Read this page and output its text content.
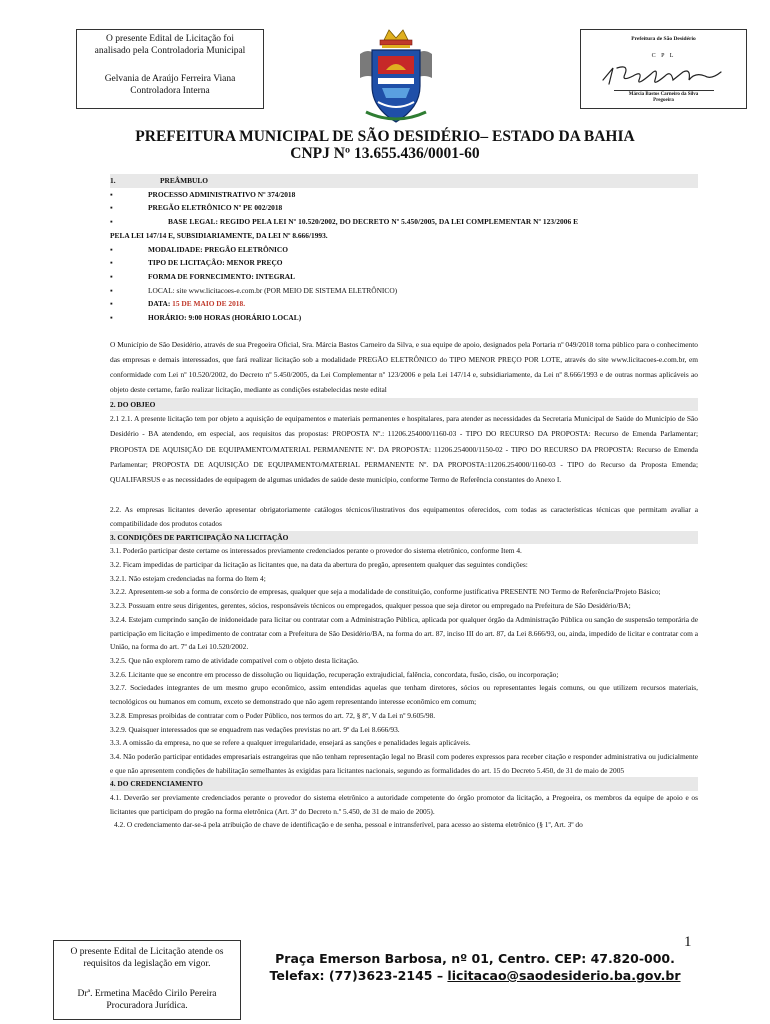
O presente Edital de Licitação foi
analisado pela Controladoria Municipal
Gelvania de Araújo Ferreira Viana
Controladora Interna
Prefeitura de São Desidério
C P L
Márcia Bastos Carneiro da Silva
Pregoeira
PREFEITURA MUNICIPAL DE SÃO DESIDÉRIO– ESTADO DA BAHIA
CNPJ Nº 13.655.436/0001-60
1.	PREÂMBULO
▪	PROCESSO ADMINISTRATIVO Nº 374/2018
▪	PREGÃO ELETRÔNICO Nº PE 002/2018
▪	BASE LEGAL: REGIDO PELA LEI Nº 10.520/2002, DO DECRETO Nº 5.450/2005, DA LEI COMPLEMENTAR Nº 123/2006 E
PELA LEI 147/14 E, SUBSIDIARIAMENTE, DA LEI Nº 8.666/1993.
▪	MODALIDADE: PREGÃO ELETRÔNICO
▪	TIPO DE LICITAÇÃO: MENOR PREÇO
▪	FORMA DE FORNECIMENTO: INTEGRAL
▪	LOCAL: site www.licitacoes-e.com.br (POR MEIO DE SISTEMA ELETRÔNICO)
▪	DATA: 15 DE MAIO DE 2018.
▪	HORÁRIO: 9:00 HORAS (HORÁRIO LOCAL)
O Município de São Desidério, através de sua Pregoeira Oficial, Sra. Márcia Bastos Carneiro da Silva, e sua equipe de apoio, designados pela Portaria nº 049/2018 torna público para o conhecimento das empresas e demais interessados, que fará realizar licitação sob a modalidade PREGÃO ELETRÔNICO do TIPO MENOR PREÇO POR LOTE, através do site www.licitacoes-e.com.br, em conformidade com Lei nº 10.520/2002, do Decreto nº 5.450/2005, da Lei Complementar nº 123/2006 e pela Lei 147/14 e, subsidiariamente, da Lei nº 8.666/1993 e de outras normas aplicáveis ao objeto deste certame, farão realizar licitação, mediante as condições estabelecidas neste edital
2. DO OBJEO
2.1 2.1. A presente licitação tem por objeto a aquisição de equipamentos e materiais permanentes e hospitalares, para atender as necessidades da Secretaria Municipal de Saúde do Município de São Desidério - BA atendendo, em especial, aos requisitos das propostas: PROPOSTA Nº.: 11206.254000/1160-03 - TIPO DO RECURSO DA PROPOSTA: Recurso de Emenda Parlamentar; PROPOSTA DE AQUISIÇÃO DE EQUIPAMENTO/MATERIAL PERMANENTE Nº. DA PROPOSTA: 11206.254000/1150-02 - TIPO DO RECURSO DA PROPOSTA: Recurso de Emenda Parlamentar; PROPOSTA DE AQUISIÇÃO DE EQUIPAMENTO/MATERIAL PERMANENTE Nº. DA PROPOSTA:11206.254000/1160-03 - TIPO do Recurso da Proposta Emenda; QUALIFARSUS e as necessidades de equipagem de algumas unidades de saúde deste município, conforme Termo de Referência constantes do Anexo I.
2.2. As empresas licitantes deverão apresentar obrigatoriamente catálogos técnicos/ilustrativos dos equipamentos oferecidos, com todas as características técnicas que permitam avaliar a compatibilidade dos produtos cotados
3. CONDIÇÕES DE PARTICIPAÇÃO NA LICITAÇÃO
3.1. Poderão participar deste certame os interessados previamente credenciados perante o provedor do sistema eletrônico, conforme Item 4.
3.2. Ficam impedidas de participar da licitação as licitantes que, na data da abertura do pregão, apresentem qualquer das seguintes condições:
3.2.1. Não estejam credenciadas na forma do Item 4;
3.2.2. Apresentem-se sob a forma de consórcio de empresas, qualquer que seja a modalidade de constituição, conforme justificativa PRESENTE NO Termo de Referência/Projeto Básico;
3.2.3. Possuam entre seus dirigentes, gerentes, sócios, responsáveis técnicos ou empregados, qualquer pessoa que seja diretor ou empregado na Prefeitura de São Desidério/BA;
3.2.4. Estejam cumprindo sanção de inidoneidade para licitar ou contratar com a Administração Pública, aplicada por qualquer órgão da Administração Pública ou sanção de suspensão temporária de participação em licitação e impedimento de contratar com a Prefeitura de São Desidério/BA, na forma do art. 87, inciso III do art. 87, da Lei 8.666/93, ou, ainda, impedido de licitar e contratar com a União, na forma do art. 7º da Lei 10.520/2002.
3.2.5. Que não explorem ramo de atividade compatível com o objeto desta licitação.
3.2.6. Licitante que se encontre em processo de dissolução ou liquidação, recuperação extrajudicial, falência, concordata, fusão, cisão, ou incorporação;
3.2.7. Sociedades integrantes de um mesmo grupo econômico, assim entendidas aquelas que tenham diretores, sócios ou representantes legais comuns, ou que utilizem recursos materiais, tecnológicos ou humanos em comum, exceto se demonstrado que não agem representando interesse econômico em comum;
3.2.8. Empresas proibidas de contratar com o Poder Público, nos termos do art. 72, § 8º, V da Lei nº 9.605/98.
3.2.9. Quaisquer interessados que se enquadrem nas vedações previstas no art. 9º da Lei 8.666/93.
3.3. A omissão da empresa, no que se refere a qualquer irregularidade, ensejará as sanções e penalidades legais aplicáveis.
3.4. Não poderão participar entidades empresariais estrangeiras que não tenham representação legal no Brasil com poderes expressos para receber citação e responder administrativa ou judicialmente e que não apresentem condições de habilitação semelhantes às exigidas para licitantes nacionais, segundo as formalidades do art. 15 do Decreto 5.450, de 31 de maio de 2005
4. DO CREDENCIAMENTO
4.1. Deverão ser previamente credenciados perante o provedor do sistema eletrônico a autoridade competente do órgão promotor da licitação, a Pregoeira, os membros da equipe de apoio e os licitantes que participam do pregão na forma eletrônica (Art. 3º do Decreto n.º 5.450, de 31 de maio de 2005).
4.2. O credenciamento dar-se-á pela atribuição de chave de identificação e de senha, pessoal e intransferível, para acesso ao sistema eletrônico (§ 1º, Art. 3º do
1
O presente Edital de Licitação atende os
requisitos da legislação em vigor.
Drª. Ermetina Macêdo Cirilo Pereira
Procuradora Jurídica.
Praça Emerson Barbosa, nº 01, Centro. CEP: 47.820-000.
Telefax: (77)3623-2145 – licitacao@saodesiderio.ba.gov.br
